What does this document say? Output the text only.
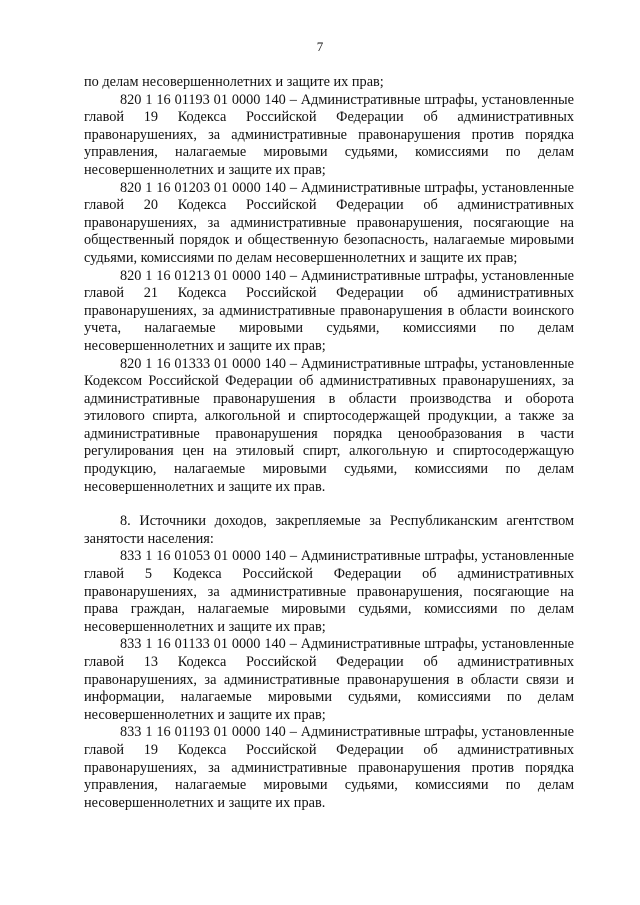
7

по делам несовершеннолетних и защите их прав;

820 1 16 01193 01 0000 140 – Административные штрафы, установленные главой 19 Кодекса Российской Федерации об административных правонарушениях, за административные правонарушения против порядка управления, налагаемые мировыми судьями, комиссиями по делам несовершеннолетних и защите их прав;

820 1 16 01203 01 0000 140 – Административные штрафы, установленные главой 20 Кодекса Российской Федерации об административных правонарушениях, за административные правонарушения, посягающие на общественный порядок и общественную безопасность, налагаемые мировыми судьями, комиссиями по делам несовершеннолетних и защите их прав;

820 1 16 01213 01 0000 140 – Административные штрафы, установленные главой 21 Кодекса Российской Федерации об административных правонарушениях, за административные правонарушения в области воинского учета, налагаемые мировыми судьями, комиссиями по делам несовершеннолетних и защите их прав;

820 1 16 01333 01 0000 140 – Административные штрафы, установленные Кодексом Российской Федерации об административных правонарушениях, за административные правонарушения в области производства и оборота этилового спирта, алкогольной и спиртосодержащей продукции, а также за административные правонарушения порядка ценообразования в части регулирования цен на этиловый спирт, алкогольную и спиртосодержащую продукцию, налагаемые мировыми судьями, комиссиями по делам несовершеннолетних и защите их прав.

8. Источники доходов, закрепляемые за Республиканским агентством занятости населения:

833 1 16 01053 01 0000 140 – Административные штрафы, установленные главой 5 Кодекса Российской Федерации об административных правонарушениях, за административные правонарушения, посягающие на права граждан, налагаемые мировыми судьями, комиссиями по делам несовершеннолетних и защите их прав;

833 1 16 01133 01 0000 140 – Административные штрафы, установленные главой 13 Кодекса Российской Федерации об административных правонарушениях, за административные правонарушения в области связи и информации, налагаемые мировыми судьями, комиссиями по делам несовершеннолетних и защите их прав;

833 1 16 01193 01 0000 140 – Административные штрафы, установленные главой 19 Кодекса Российской Федерации об административных правонарушениях, за административные правонарушения против порядка управления, налагаемые мировыми судьями, комиссиями по делам несовершеннолетних и защите их прав.
